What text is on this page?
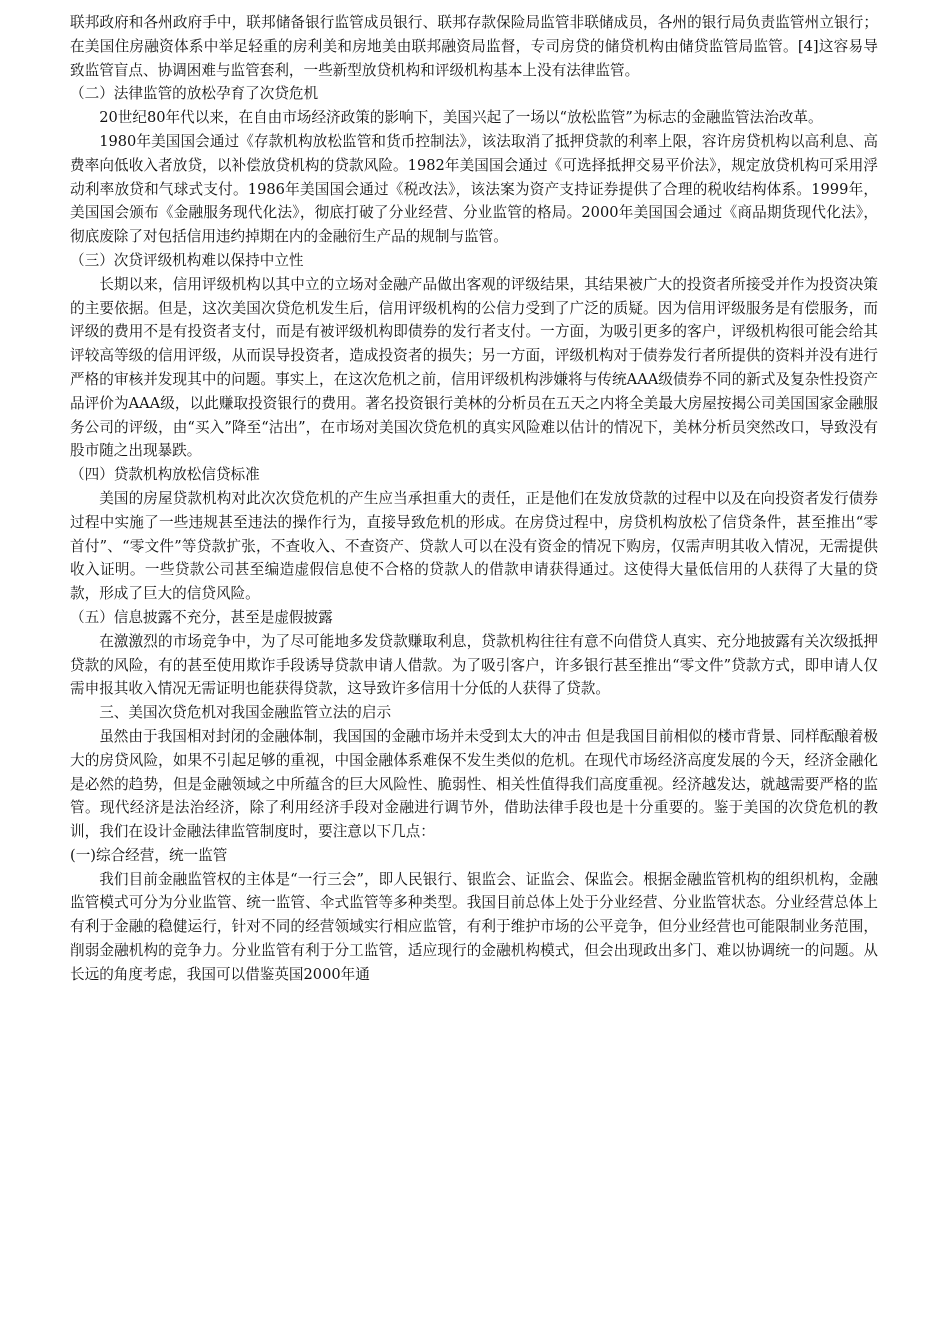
联邦政府和各州政府手中，联邦储备银行监管成员银行、联邦存款保险局监管非联储成员，各州的银行局负责监管州立银行；在美国住房融资体系中举足轻重的房利美和房地美由联邦融资局监督，专司房贷的储贷机构由储贷监管局监管。[4]这容易导致监管盲点、协调困难与监管套利，一些新型放贷机构和评级机构基本上没有法律监管。

（二）法律监管的放松孕育了次贷危机

20世纪80年代以来，在自由市场经济政策的影响下，美国兴起了一场以“放松监管”为标志的金融监管法治改革。

1980年美国国会通过《存款机构放松监管和货币控制法》，该法取消了抵押贷款的利率上限，容许房贷机构以高利息、高费率向低收入者放贷，以补偿放贷机构的贷款风险。1982年美国国会通过《可选择抵押交易平价法》，规定放贷机构可采用浮动利率放贷和气球式支付。1986年美国国会通过《税改法》，该法案为资产支持证券提供了合理的税收结构体系。1999年，美国国会颁布《金融服务现代化法》，彻底打破了分业经营、分业监管的格局。2000年美国国会通过《商品期货现代化法》，彻底废除了对包括信用违约掉期在内的金融衍生产品的规制与监管。

（三）次贷评级机构难以保持中立性

长期以来，信用评级机构以其中立的立场对金融产品做出客观的评级结果，其结果被广大的投资者所接受并作为投资决策的主要依据。但是，这次美国次贷危机发生后，信用评级机构的公信力受到了广泛的质疑。因为信用评级服务是有偿服务，而评级的费用不是有投资者支付，而是有被评级机构即债券的发行者支付。一方面，为吸引更多的客户，评级机构很可能会给其评较高等级的信用评级，从而误导投资者，造成投资者的损失；另一方面，评级机构对于债券发行者所提供的资料并没有进行严格的审核并发现其中的问题。事实上，在这次危机之前，信用评级机构涉嫌将与传统AAA级债券不同的新式及复杂性投资产品评价为AAA级，以此赚取投资银行的费用。著名投资银行美林的分析员在五天之内将全美最大房屋按揭公司美国国家金融服务公司的评级，由“买入”降至“沽出”，在市场对美国次贷危机的真实风险难以估计的情况下，美林分析员突然改口，导致没有股市随之出现暴跌。

（四）贷款机构放松信贷标准

美国的房屋贷款机构对此次次贷危机的产生应当承担重大的责任，正是他们在发放贷款的过程中以及在向投资者发行债券过程中实施了一些违规甚至违法的操作行为，直接导致危机的形成。在房贷过程中，房贷机构放松了信贷条件，甚至推出“零首付”、“零文件”等贷款扩张，不查收入、不查资产、贷款人可以在没有资金的情况下购房，仅需声明其收入情况，无需提供收入证明。一些贷款公司甚至编造虚假信息使不合格的贷款人的借款申请获得通过。这使得大量低信用的人获得了大量的贷款，形成了巨大的信贷风险。

（五）信息披露不充分，甚至是虚假披露

在激激烈的市场竞争中，为了尽可能地多发贷款赚取利息，贷款机构往往有意不向借贷人真实、充分地披露有关次级抵押贷款的风险，有的甚至使用欺诈手段诱导贷款申请人借款。为了吸引客户，许多银行甚至推出“零文件”贷款方式，即申请人仅需申报其收入情况无需证明也能获得贷款，这导致许多信用十分低的人获得了贷款。

三、美国次贷危机对我国金融监管立法的启示

虽然由于我国相对封闭的金融体制，我国国的金融市场并未受到太大的冲击 但是我国目前相似的楼市背景、同样酝酿着极大的房贷风险，如果不引起足够的重视，中国金融体系难保不发生类似的危机。在现代市场经济高度发展的今天，经济金融化是必然的趋势，但是金融领域之中所蕴含的巨大风险性、脆弱性、相关性值得我们高度重视。经济越发达，就越需要严格的监管。现代经济是法治经济，除了利用经济手段对金融进行调节外，借助法律手段也是十分重要的。鉴于美国的次贷危机的教训，我们在设计金融法律监管制度时，要注意以下几点：

(一)综合经营，统一监管

我们目前金融监管权的主体是“一行三会”，即人民银行、银监会、证监会、保监会。根据金融监管机构的组织机构，金融监管模式可分为分业监管、统一监管、伞式监管等多种类型。我国目前总体上处于分业经营、分业监管状态。分业经营总体上有利于金融的稳健运行，针对不同的经营领域实行相应监管，有利于维护市场的公平竞争，但分业经营也可能限制业务范围，削弱金融机构的竞争力。分业监管有利于分工监管，适应现行的金融机构模式，但会出现政出多门、难以协调统一的问题。从长远的角度考虑，我国可以借鉴英国2000年通
